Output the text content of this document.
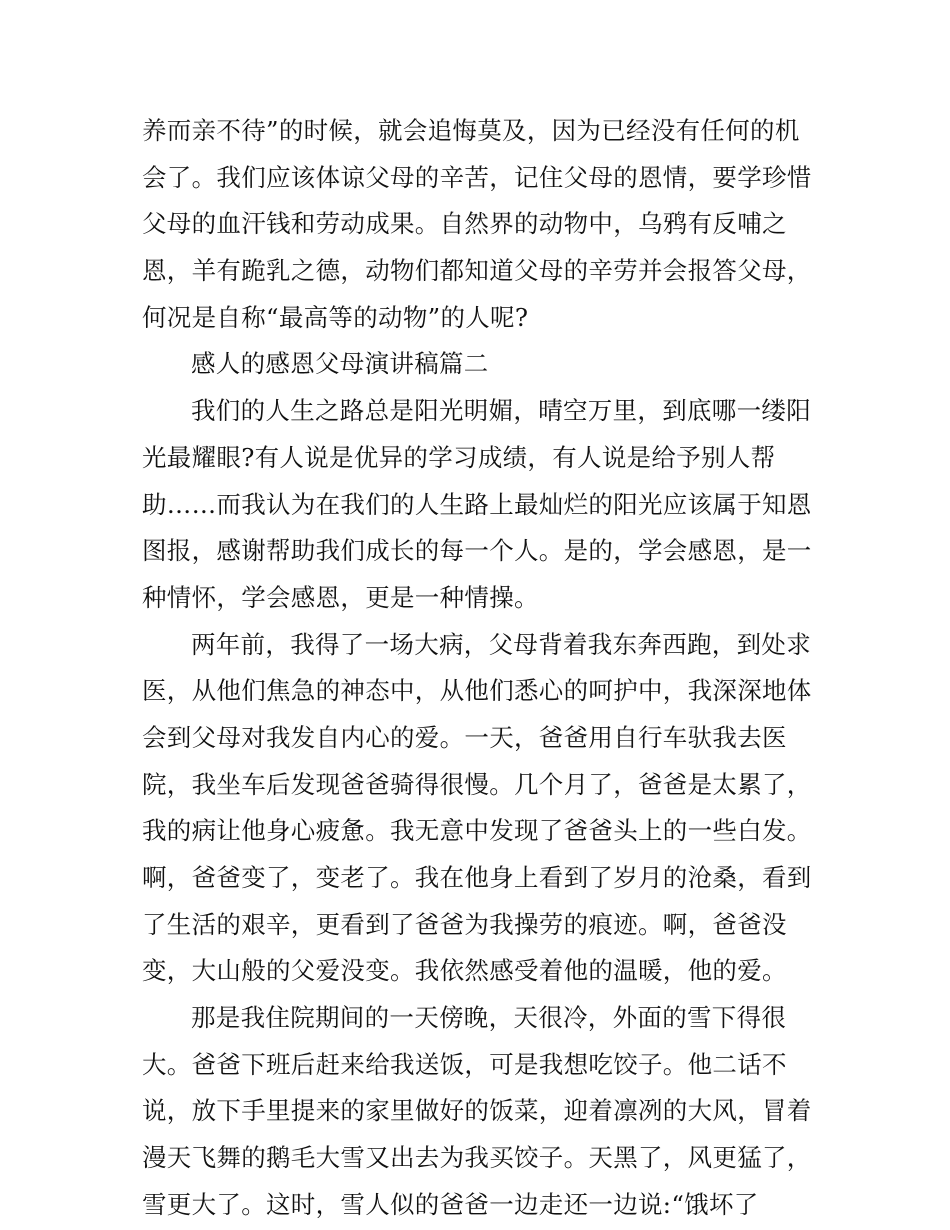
养而亲不待”的时候，就会追悔莫及，因为已经没有任何的机
会了。我们应该体谅父母的辛苦，记住父母的恩情，要学珍惜
父母的血汗钱和劳动成果。自然界的动物中，乌鸦有反哺之
恩，羊有跪乳之德，动物们都知道父母的辛劳并会报答父母，
何况是自称“最高等的动物”的人呢?
感人的感恩父母演讲稿篇二
我们的人生之路总是阳光明媚，晴空万里，到底哪一缕阳
光最耀眼?有人说是优异的学习成绩，有人说是给予别人帮
助……而我认为在我们的人生路上最灿烂的阳光应该属于知恩
图报，感谢帮助我们成长的每一个人。是的，学会感恩，是一
种情怀，学会感恩，更是一种情操。
两年前，我得了一场大病，父母背着我东奔西跑，到处求
医，从他们焦急的神态中，从他们悉心的呵护中，我深深地体
会到父母对我发自内心的爱。一天，爸爸用自行车驮我去医
院，我坐车后发现爸爸骑得很慢。几个月了，爸爸是太累了，
我的病让他身心疲惫。我无意中发现了爸爸头上的一些白发。
啊，爸爸变了，变老了。我在他身上看到了岁月的沧桑，看到
了生活的艰辛，更看到了爸爸为我操劳的痕迹。啊，爸爸没
变，大山般的父爱没变。我依然感受着他的温暖，他的爱。
那是我住院期间的一天傍晚，天很冷，外面的雪下得很
大。爸爸下班后赶来给我送饭，可是我想吃饺子。他二话不
说，放下手里提来的家里做好的饭菜，迎着凛冽的大风，冒着
漫天飞舞的鹅毛大雪又出去为我买饺子。天黑了，风更猛了，
雪更大了。这时，雪人似的爸爸一边走还一边说:“饿坏了
